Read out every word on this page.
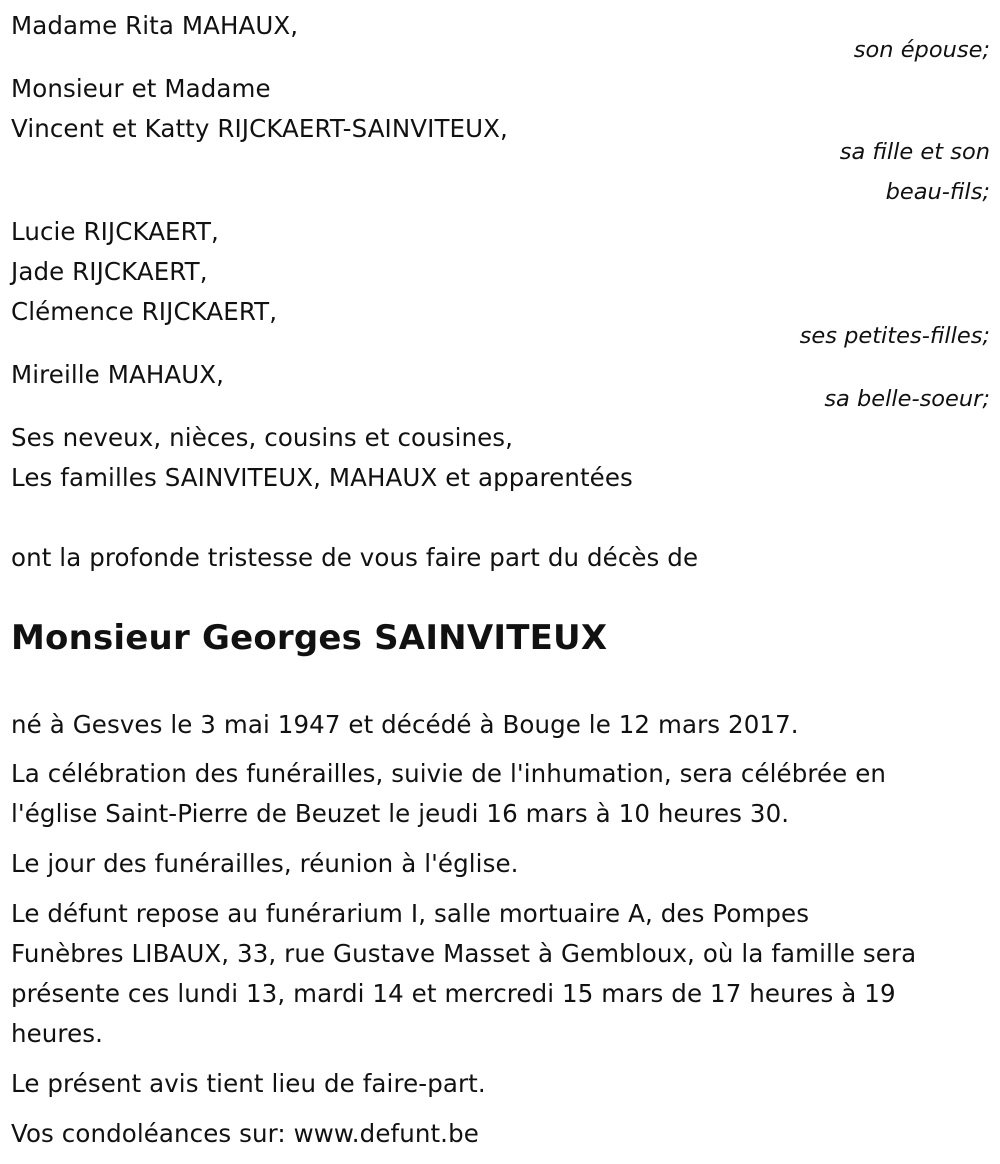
Madame Rita MAHAUX,
son épouse;
Monsieur et Madame
Vincent et Katty RIJCKAERT-SAINVITEUX,
sa fille et son
beau-fils;
Lucie RIJCKAERT,
Jade RIJCKAERT,
Clémence RIJCKAERT,
ses petites-filles;
Mireille MAHAUX,
sa belle-soeur;
Ses neveux, nièces, cousins et cousines,
Les familles SAINVITEUX, MAHAUX et apparentées
ont la profonde tristesse de vous faire part du décès de
Monsieur Georges SAINVITEUX
né à Gesves le 3 mai 1947 et décédé à Bouge le 12 mars 2017.
La célébration des funérailles, suivie de l'inhumation, sera célébrée en
l'église Saint-Pierre de Beuzet le jeudi 16 mars à 10 heures 30.
Le jour des funérailles, réunion à l'église.
Le défunt repose au funérarium I, salle mortuaire A, des Pompes
Funèbres LIBAUX, 33, rue Gustave Masset à Gembloux, où la famille sera
présente ces lundi 13, mardi 14 et mercredi 15 mars de 17 heures à 19
heures.
Le présent avis tient lieu de faire-part.
Vos condoléances sur: www.defunt.be
